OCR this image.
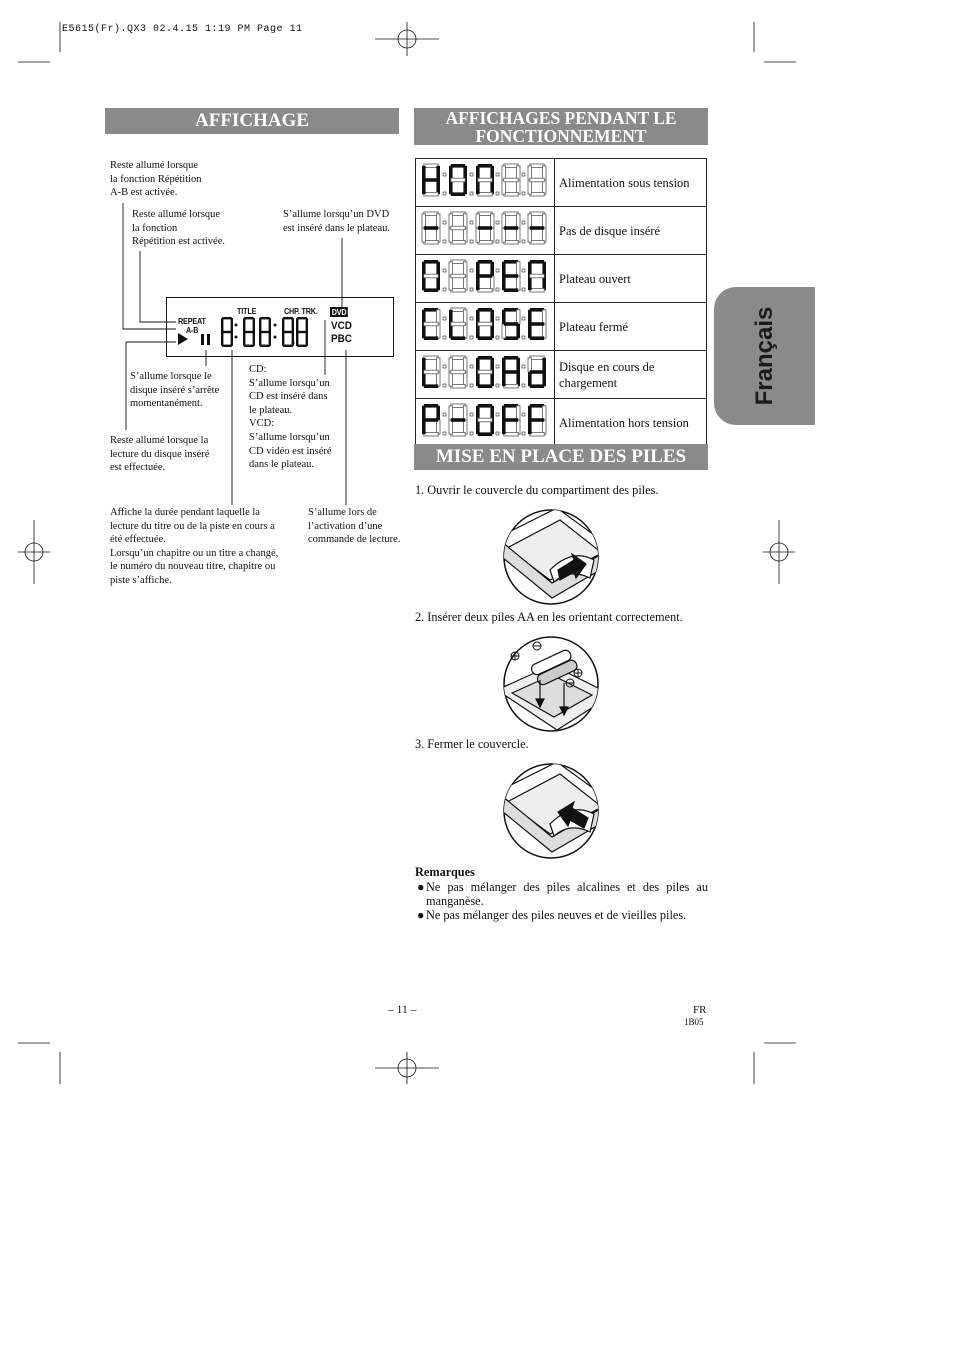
E5615(Fr).QX3 02.4.15 1:19 PM Page 11
Français
AFFICHAGE
Reste allumé lorsque
la fonction Répétition
A-B est activée.
Reste allumé lorsque
la fonction
Répétition est activée.
S’allume lorsqu’un DVD
est inséré dans le plateau.
S’allume lorsque le
disque inséré s’arrête
momentanément.
CD:
S’allume lorsqu’un
CD est inséré dans
le plateau.
VCD:
S’allume lorsqu’un
CD vidéo est inséré
dans le plateau.
Reste allumé lorsque la
lecture du disque inséré
est effectuée.
Affiche la durée pendant laquelle la
lecture du titre ou de la piste en cours a
été effectuée.
Lorsqu’un chapitre ou un titre a changé,
le numéro du nouveau titre, chapitre ou
piste s’affiche.
S’allume lors de
l’activation d’une
commande de lecture.
REPEAT
A-B
TITLE	CHP. TRK. DVD
VCD
PBC
AFFICHAGES PENDANT LE
FONCTIONNEMENT

Alimentation sous tension

Pas de disque inséré

Plateau ouvert

Plateau fermé

Disque en cours de
chargement

Alimentation hors tension
MISE EN PLACE DES PILES
1. Ouvrir le couvercle du compartiment des piles.
2. Insérer deux piles AA en les orientant correctement.
3. Fermer le couvercle.
Remarques
● Ne pas mélanger des piles alcalines et des piles au manganèse.
● Ne pas mélanger des piles neuves et de vieilles piles.
– 11 –	FR
1B05
